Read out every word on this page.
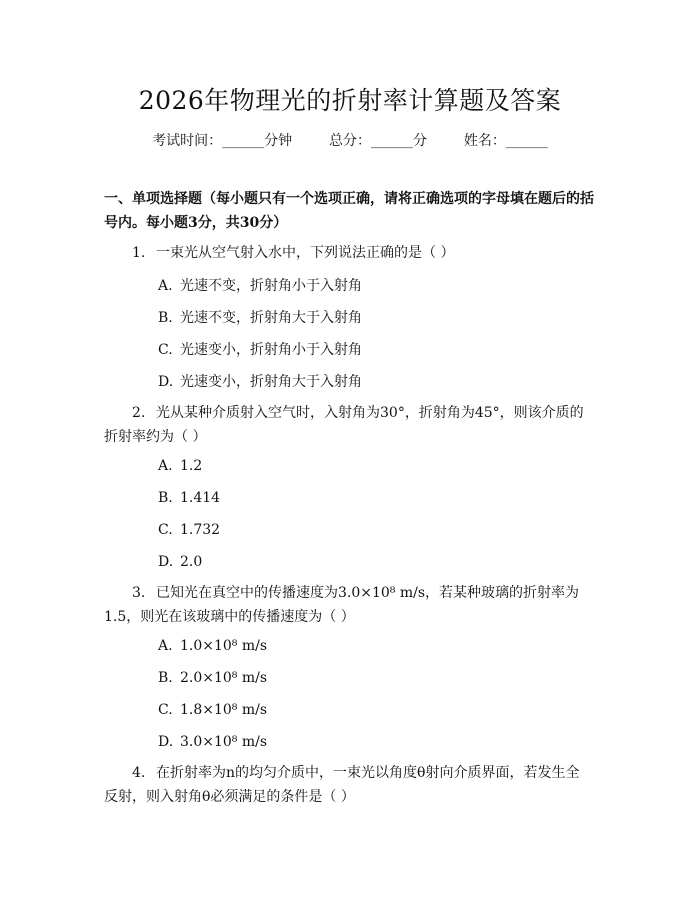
2026年物理光的折射率计算题及答案
考试时间：______分钟	总分：______分	姓名：______
一、单项选择题（每小题只有一个选项正确，请将正确选项的字母填在题后的括号内。每小题3分，共30分）
1. 一束光从空气射入水中，下列说法正确的是（ ）
A. 光速不变，折射角小于入射角
B. 光速不变，折射角大于入射角
C. 光速变小，折射角小于入射角
D. 光速变小，折射角大于入射角
2. 光从某种介质射入空气时，入射角为30°，折射角为45°，则该介质的折射率约为（ ）
A. 1.2
B. 1.414
C. 1.732
D. 2.0
3. 已知光在真空中的传播速度为3.0×10⁸ m/s，若某种玻璃的折射率为1.5，则光在该玻璃中的传播速度为（ ）
A. 1.0×10⁸ m/s
B. 2.0×10⁸ m/s
C. 1.8×10⁸ m/s
D. 3.0×10⁸ m/s
4. 在折射率为n的均匀介质中，一束光以角度θ射向介质界面，若发生全反射，则入射角θ必须满足的条件是（ ）
